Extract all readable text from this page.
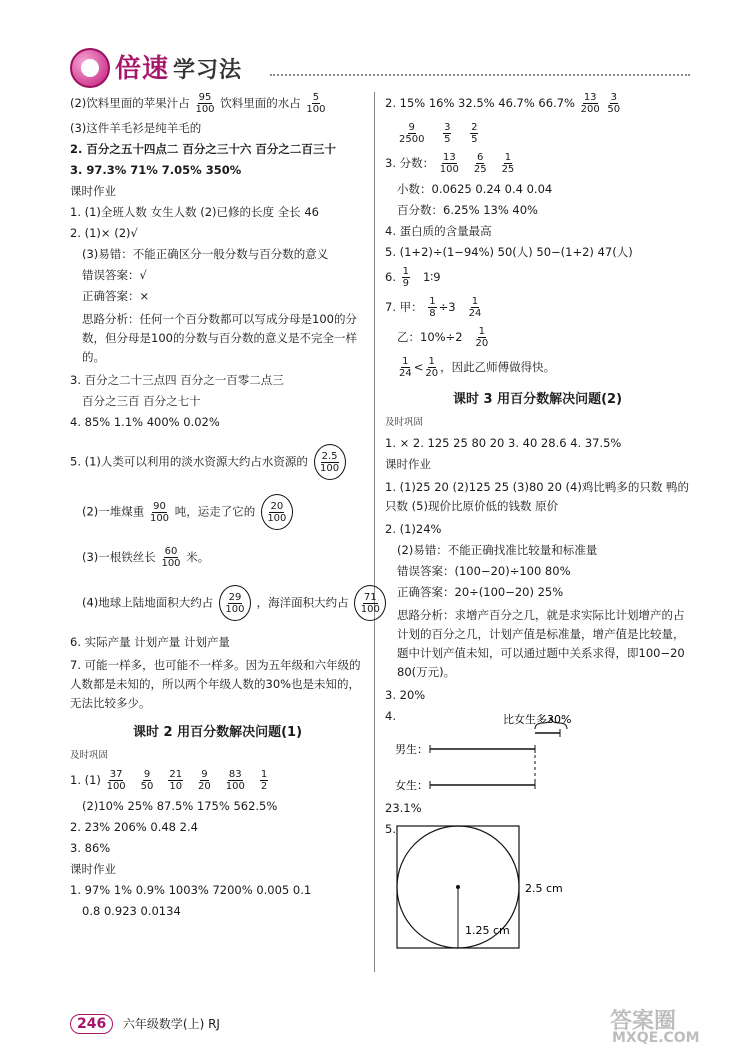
倍速 学习法
(2)饮料里面的苹果汁占 $\frac{95}{100}$ 饮料里面的水占 $\frac{5}{100}$
(3)这件羊毛衫是纯羊毛的
2. 百分之五十四点二 百分之三十六 百分之二百三十
3. 97.3% 71% 7.05% 350%
课时作业
1. (1)全班人数 女生人数 (2)已修的长度 全长 46
2. (1)× (2)√
(3)易错：不能正确区分一般分数与百分数的意义
错误答案：√
正确答案：×
思路分析：任何一个百分数都可以写成分母是100的分数，但分母是100的分数与百分数的意义是不完全一样的。
3. 百分之二十三点四 百分之一百零二点三
百分之三百 百分之七十
4. 85% 1.1% 400% 0.02%
5. (1)人类可以利用的淡水资源大约占水资源的 $\frac{2.5}{100}$
(2)一堆煤重 $\frac{90}{100}$ 吨，运走了它的 $\frac{20}{100}$
(3)一根铁丝长 $\frac{60}{100}$ 米。
(4)地球上陆地面积大约占 $\frac{29}{100}$ ，海洋面积大约占 $\frac{71}{100}$
6. 实际产量 计划产量 计划产量
7. 可能一样多，也可能不一样多。因为五年级和六年级的人数都是未知的，所以两个年级人数的30%也是未知的，无法比较多少。
课时 2 用百分数解决问题(1)
及时巩固
1. $(1) \frac{37}{100}$
$\frac{9}{50}$
$\frac{21}{10}$
$\frac{9}{20}$
$\frac{83}{100}$
$\frac{1}{2}$
(2)10% 25% 87.5% 175% 562.5%
2. 23% 206% 0.48 2.4
3. 86%
课时作业
1. 97% 1% 0.9% 1003% 7200% 0.005 0.1
0.8 0.923 0.0134
2. 15% 16% 32.5% 46.7% $66.7\% \frac{13}{200}$
$\frac{3}{50}$
$\frac{9}{2500}$
$\frac{3}{5}$
$\frac{2}{5}$
3. 分数： $\frac{13}{100}$
$\frac{6}{25}$
$\frac{1}{25}$
小数：0.0625 0.24 0.4 0.04
百分数：6.25% 13% 40%
4. 蛋白质的含量最高
5. (1+2)÷(1−94%) 50(人) 50−(1+2) 47(人)
6. $\frac{1}{9}$ 1∶9
7. 甲： $\frac{1}{8} \div 3 \frac{1}{24}$
乙：$10\%\div 2 \frac{1}{20}$
$\frac{1}{24} < \frac{1}{20}$ ，因此乙师傅做得快。
课时 3 用百分数解决问题(2)
及时巩固
1. × 2. 125 25 80 20 3. 40 28.6 4. 37.5%
课时作业
1. (1)25 20 (2)125 25 (3)80 20 (4)鸡比鸭多的只数 鸭的只数 (5)现价比原价低的钱数 原价
2. (1)24%
(2)易错：不能正确找准比较量和标准量
错误答案：(100−20)÷100 80%
正确答案：20÷(100−20) 25%
思路分析：求增产百分之几，就是求实际比计划增产的占计划的百分之几，计划产值是标准量，增产值是比较量，题中计划产值未知，可以通过题中关系求得，即100−20 80(万元)。
3. 20%
4.	比女生多30%
男生：
女生：
23.1%
5.
1.25 cm
2.5 cm
246 六年级数学(上) RJ	答案圈
MXQE.COM
